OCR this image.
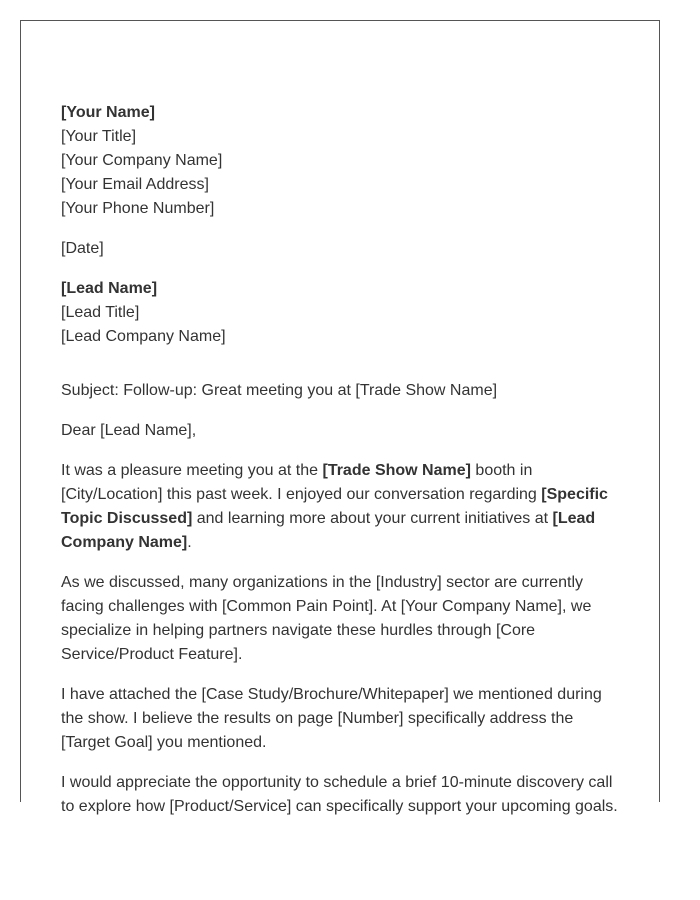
[Your Name]
[Your Title]
[Your Company Name]
[Your Email Address]
[Your Phone Number]
[Date]
[Lead Name]
[Lead Title]
[Lead Company Name]

Subject: Follow-up: Great meeting you at [Trade Show Name]

Dear [Lead Name],

It was a pleasure meeting you at the [Trade Show Name] booth in [City/Location] this past week. I enjoyed our conversation regarding [Specific Topic Discussed] and learning more about your current initiatives at [Lead Company Name].

As we discussed, many organizations in the [Industry] sector are currently facing challenges with [Common Pain Point]. At [Your Company Name], we specialize in helping partners navigate these hurdles through [Core Service/Product Feature].

I have attached the [Case Study/Brochure/Whitepaper] we mentioned during the show. I believe the results on page [Number] specifically address the [Target Goal] you mentioned.

I would appreciate the opportunity to schedule a brief 10-minute discovery call to explore how [Product/Service] can specifically support your upcoming goals.
